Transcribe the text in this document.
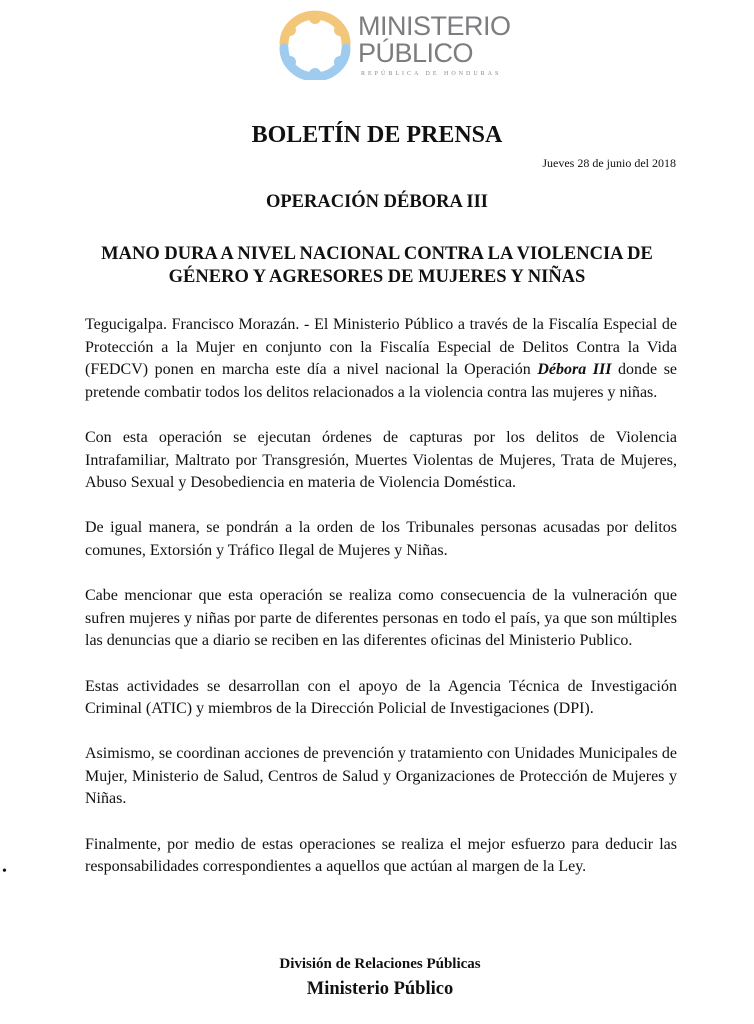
MINISTERIO
PÚBLICO
REPÚBLICA DE HONDURAS
BOLETÍN DE PRENSA
Jueves 28 de junio del 2018
OPERACIÓN DÉBORA III
MANO DURA A NIVEL NACIONAL CONTRA LA VIOLENCIA DE
GÉNERO Y AGRESORES DE MUJERES Y NIÑAS

Tegucigalpa. Francisco Morazán. - El Ministerio Público a través de la Fiscalía Especial de Protección a la Mujer en conjunto con la Fiscalía Especial de Delitos Contra la Vida (FEDCV) ponen en marcha este día a nivel nacional la Operación Débora III donde se pretende combatir todos los delitos relacionados a la violencia contra las mujeres y niñas.

Con esta operación se ejecutan órdenes de capturas por los delitos de Violencia Intrafamiliar, Maltrato por Transgresión, Muertes Violentas de Mujeres, Trata de Mujeres, Abuso Sexual y Desobediencia en materia de Violencia Doméstica.

De igual manera, se pondrán a la orden de los Tribunales personas acusadas por delitos comunes, Extorsión y Tráfico Ilegal de Mujeres y Niñas.

Cabe mencionar que esta operación se realiza como consecuencia de la vulneración que sufren mujeres y niñas por parte de diferentes personas en todo el país, ya que son múltiples las denuncias que a diario se reciben en las diferentes oficinas del Ministerio Publico.

Estas actividades se desarrollan con el apoyo de la Agencia Técnica de Investigación Criminal (ATIC) y miembros de la Dirección Policial de Investigaciones (DPI).

Asimismo, se coordinan acciones de prevención y tratamiento con Unidades Municipales de Mujer, Ministerio de Salud, Centros de Salud y Organizaciones de Protección de Mujeres y Niñas.

Finalmente, por medio de estas operaciones se realiza el mejor esfuerzo para deducir las responsabilidades correspondientes a aquellos que actúan al margen de la Ley.

•
División de Relaciones Públicas
Ministerio Público
